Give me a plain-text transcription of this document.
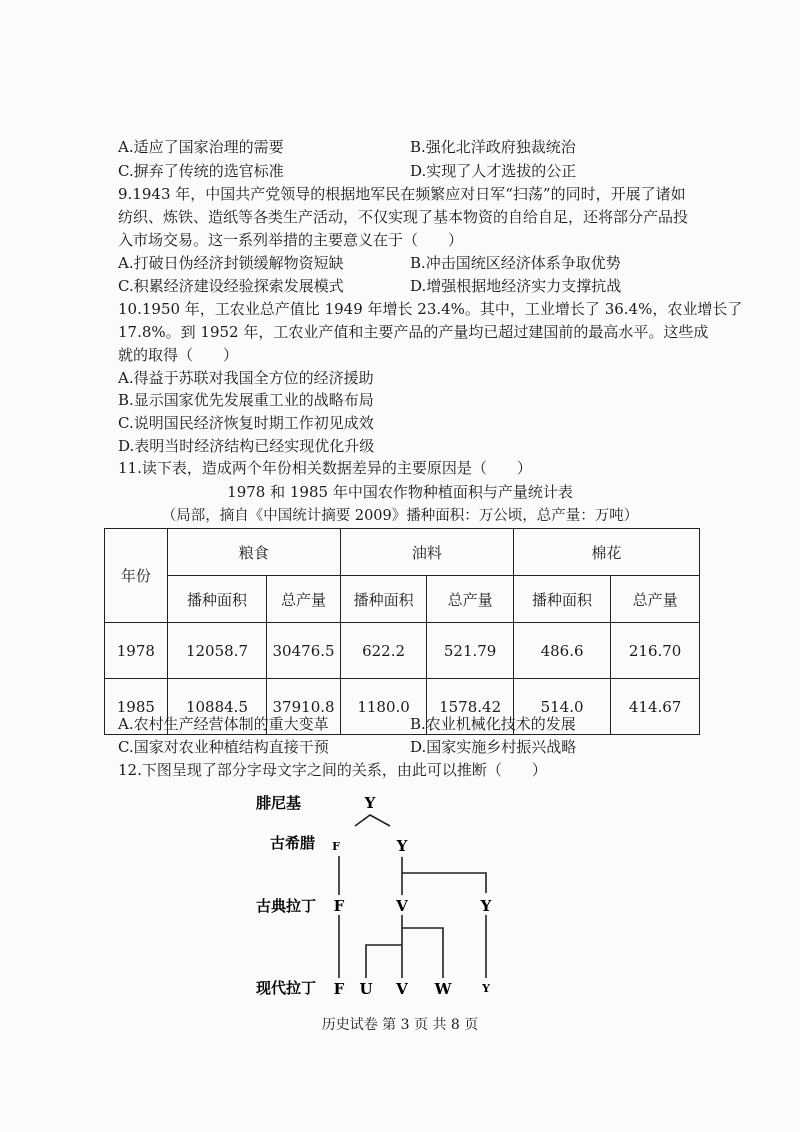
A.适应了国家治理的需要	B.强化北洋政府独裁统治
C.摒弃了传统的选官标准	D.实现了人才选拔的公正
9.1943 年，中国共产党领导的根据地军民在频繁应对日军“扫荡”的同时，开展了诸如
纺织、炼铁、造纸等各类生产活动，不仅实现了基本物资的自给自足，还将部分产品投
入市场交易。这一系列举措的主要意义在于（　　）
A.打破日伪经济封锁缓解物资短缺	B.冲击国统区经济体系争取优势
C.积累经济建设经验探索发展模式	D.增强根据地经济实力支撑抗战
10.1950 年，工农业总产值比 1949 年增长 23.4%。其中，工业增长了 36.4%，农业增长了
17.8%。到 1952 年，工农业产值和主要产品的产量均已超过建国前的最高水平。这些成
就的取得（　　）
A.得益于苏联对我国全方位的经济援助
B.显示国家优先发展重工业的战略布局
C.说明国民经济恢复时期工作初见成效
D.表明当时经济结构已经实现优化升级
11.读下表，造成两个年份相关数据差异的主要原因是（　　）
1978 和 1985 年中国农作物种植面积与产量统计表
（局部，摘自《中国统计摘要 2009》播种面积：万公顷，总产量：万吨）
年份	粮食		油料		棉花	
	播种面积	总产量	播种面积	总产量	播种面积	总产量
1978	12058.7	30476.5	622.2	521.79	486.6	216.70
1985	10884.5	37910.8	1180.0	1578.42	514.0	414.67
A.农村生产经营体制的重大变革	B.农业机械化技术的发展
C.国家对农业种植结构直接干预	D.国家实施乡村振兴战略
12.下图呈现了部分字母文字之间的关系，由此可以推断（　　）
腓尼基
古希腊
古典拉丁
现代拉丁
Y
F	Y
F	V	Y
F U V W	Y
历史试卷 第 3 页 共 8 页
